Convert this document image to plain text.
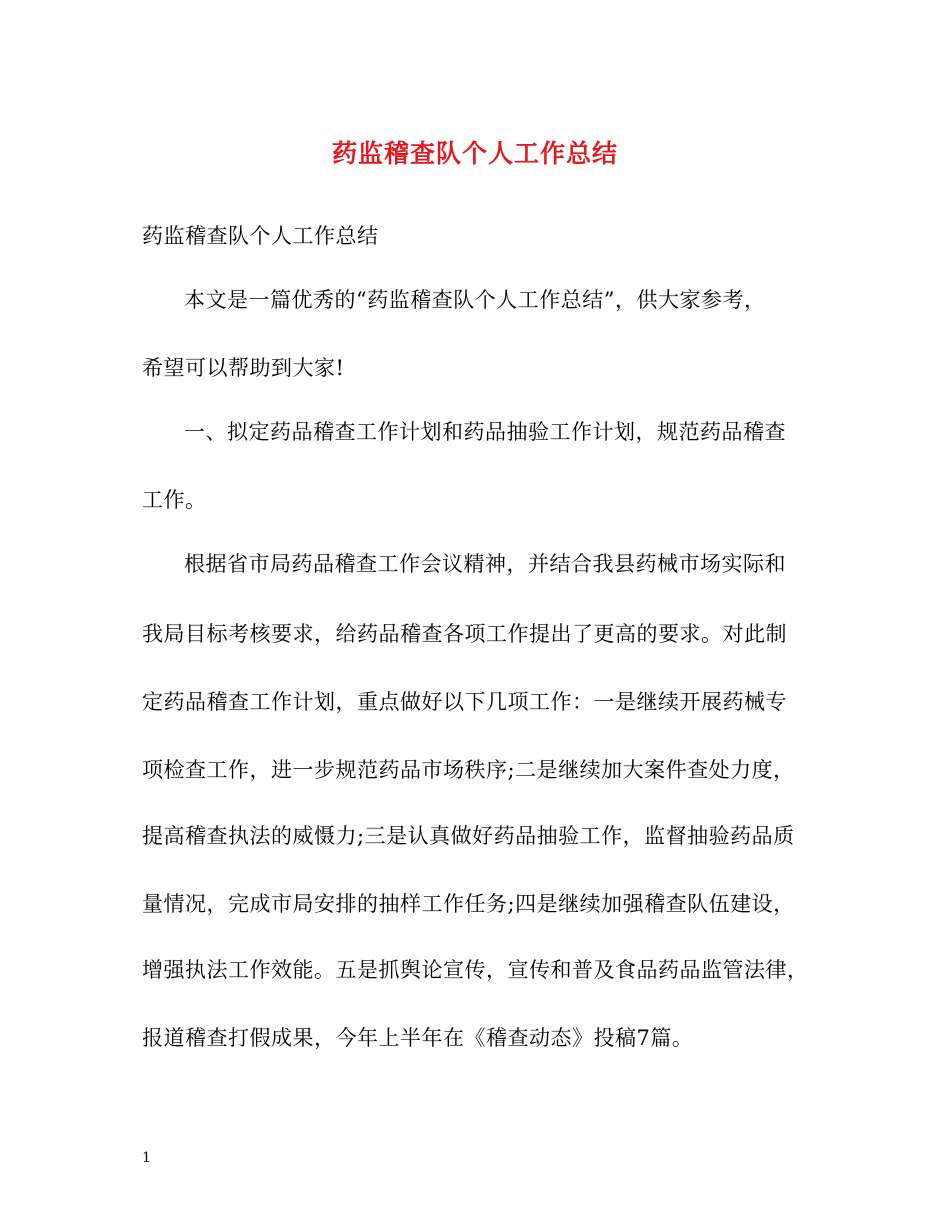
药监稽查队个人工作总结
药监稽查队个人工作总结
本文是一篇优秀的“药监稽查队个人工作总结”，供大家参考，
希望可以帮助到大家!
一、拟定药品稽查工作计划和药品抽验工作计划，规范药品稽查
工作。
根据省市局药品稽查工作会议精神，并结合我县药械市场实际和
我局目标考核要求，给药品稽查各项工作提出了更高的要求。对此制
定药品稽查工作计划，重点做好以下几项工作：一是继续开展药械专
项检查工作，进一步规范药品市场秩序;二是继续加大案件查处力度，
提高稽查执法的威慑力;三是认真做好药品抽验工作，监督抽验药品质
量情况，完成市局安排的抽样工作任务;四是继续加强稽查队伍建设，
增强执法工作效能。五是抓舆论宣传，宣传和普及食品药品监管法律，
报道稽查打假成果，今年上半年在《稽查动态》投稿7篇。
1
